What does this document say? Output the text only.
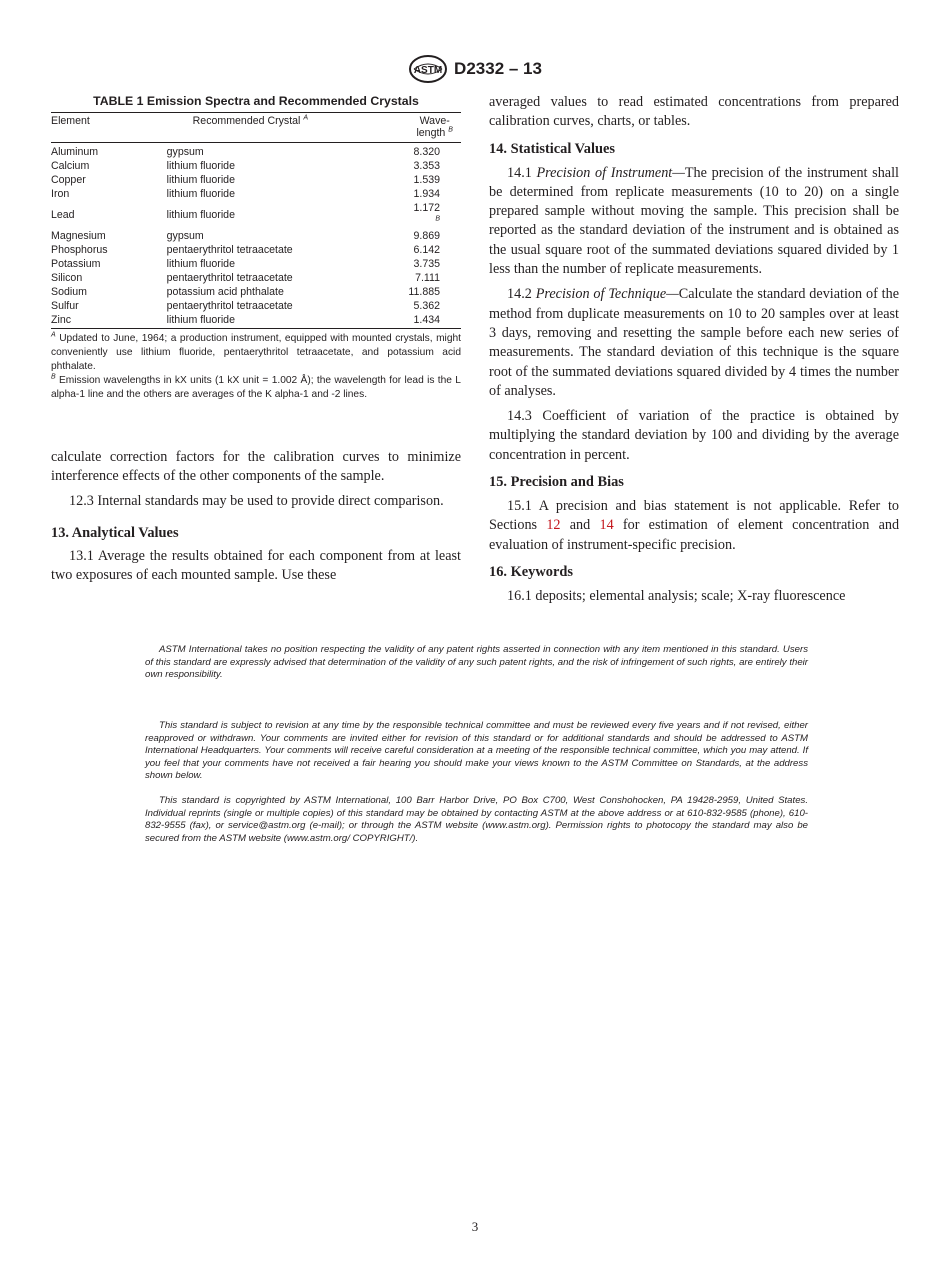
ASTM D2332 – 13
TABLE 1 Emission Spectra and Recommended Crystals
Element	Recommended Crystal $^A$	Wave-
length $^B$
Aluminum	gypsum	8.320
Calcium	lithium fluoride	3.353
Copper	lithium fluoride	1.539
Iron	lithium fluoride	1.934
Lead	lithium fluoride	1.172 $^B$
Magnesium	gypsum	9.869
Phosphorus	pentaerythritol tetraacetate	6.142
Potassium	lithium fluoride	3.735
Silicon	pentaerythritol tetraacetate	7.111
Sodium	potassium acid phthalate	11.885
Sulfur	pentaerythritol tetraacetate	5.362
Zinc	lithium fluoride	1.434
$^A$ Updated to June, 1964; a production instrument, equipped with mounted crystals, might conveniently use lithium fluoride, pentaerythritol tetraacetate, and potassium acid phthalate.
$^B$ Emission wavelengths in kX units (1 kX unit = 1.002 Å); the wavelength for lead is the L alpha-1 line and the others are averages of the K alpha-1 and -2 lines.

calculate correction factors for the calibration curves to minimize interference effects of the other components of the sample.

12.3 Internal standards may be used to provide direct comparison.

13. Analytical Values

13.1 Average the results obtained for each component from at least two exposures of each mounted sample. Use these

averaged values to read estimated concentrations from prepared calibration curves, charts, or tables.

14. Statistical Values

14.1 Precision of Instrument—The precision of the instrument shall be determined from replicate measurements (10 to 20) on a single prepared sample without moving the sample. This precision shall be reported as the standard deviation of the instrument and is obtained as the usual square root of the summated deviations squared divided by 1 less than the number of replicate measurements.

14.2 Precision of Technique—Calculate the standard deviation of the method from duplicate measurements on 10 to 20 samples over at least 3 days, removing and resetting the sample before each new series of measurements. The standard deviation of this technique is the square root of the summated deviations squared divided by 4 times the number of analyses.

14.3 Coefficient of variation of the practice is obtained by multiplying the standard deviation by 100 and dividing by the average concentration in percent.

15. Precision and Bias

15.1 A precision and bias statement is not applicable. Refer to Sections 12 and 14 for estimation of element concentration and evaluation of instrument-specific precision.

16. Keywords

16.1 deposits; elemental analysis; scale; X-ray fluorescence

ASTM International takes no position respecting the validity of any patent rights asserted in connection with any item mentioned in this standard. Users of this standard are expressly advised that determination of the validity of any such patent rights, and the risk of infringement of such rights, are entirely their own responsibility.

This standard is subject to revision at any time by the responsible technical committee and must be reviewed every five years and if not revised, either reapproved or withdrawn. Your comments are invited either for revision of this standard or for additional standards and should be addressed to ASTM International Headquarters. Your comments will receive careful consideration at a meeting of the responsible technical committee, which you may attend. If you feel that your comments have not received a fair hearing you should make your views known to the ASTM Committee on Standards, at the address shown below.

This standard is copyrighted by ASTM International, 100 Barr Harbor Drive, PO Box C700, West Conshohocken, PA 19428-2959, United States. Individual reprints (single or multiple copies) of this standard may be obtained by contacting ASTM at the above address or at 610-832-9585 (phone), 610-832-9555 (fax), or service@astm.org (e-mail); or through the ASTM website (www.astm.org). Permission rights to photocopy the standard may also be secured from the ASTM website (www.astm.org/ COPYRIGHT/).

3
